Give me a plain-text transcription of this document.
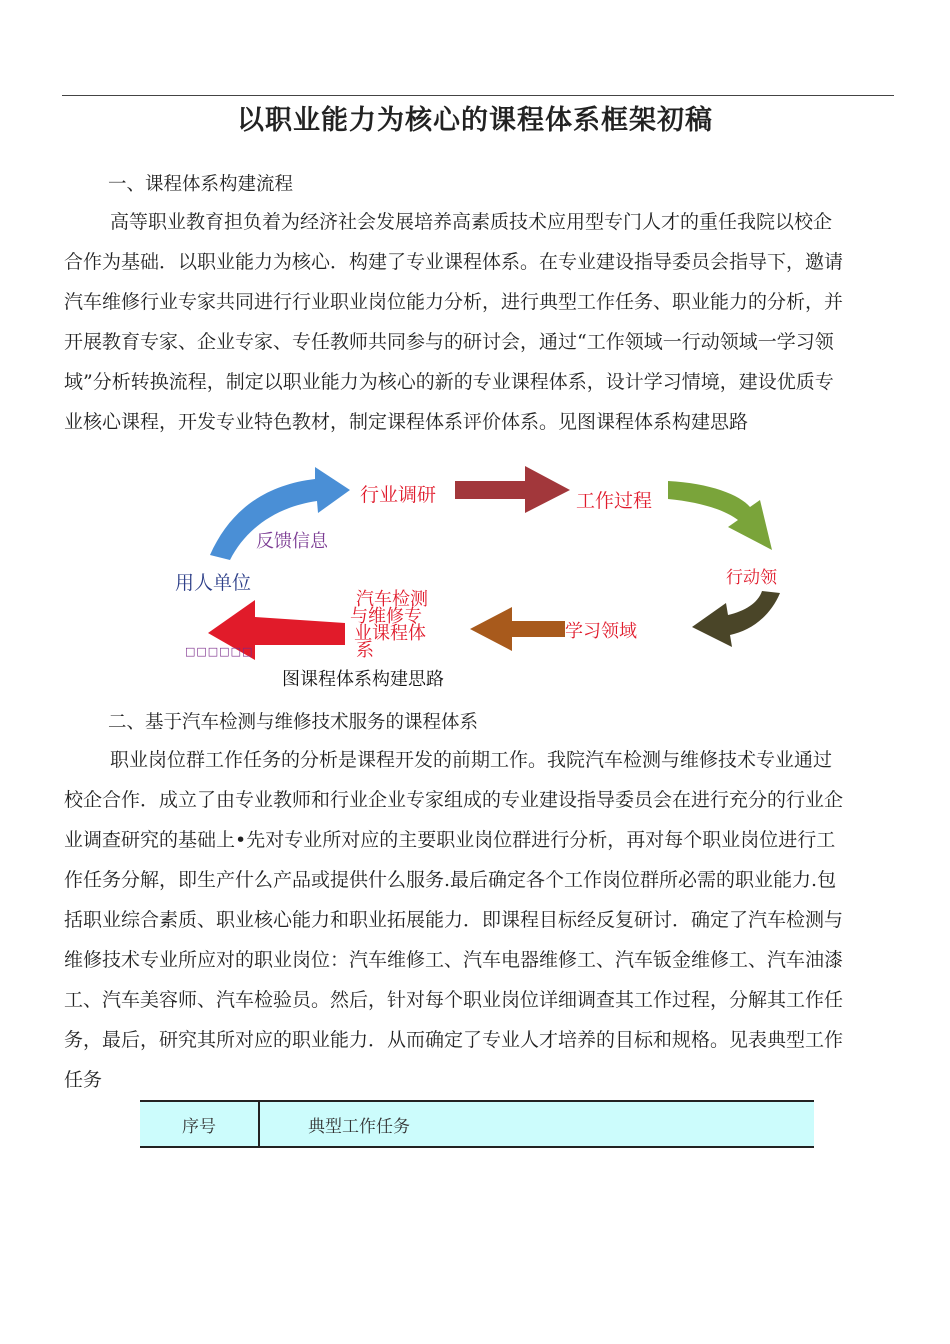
以职业能力为核心的课程体系框架初稿
一、课程体系构建流程
高等职业教育担负着为经济社会发展培养高素质技术应用型专门人才的重任我院以校企
合作为基础．以职业能力为核心．构建了专业课程体系。在专业建设指导委员会指导下，邀请
汽车维修行业专家共同进行行业职业岗位能力分析，进行典型工作任务、职业能力的分析，并
开展教育专家、企业专家、专任教师共同参与的研讨会，通过“工作领域一行动领域一学习领
域”分析转换流程，制定以职业能力为核心的新的专业课程体系，设计学习情境，建设优质专
业核心课程，开发专业特色教材，制定课程体系评价体系。见图课程体系构建思路
行业调研	工作过程
行动领
学习领域
汽车检测 与维修专 业课程体 系
用人单位
反馈信息
□□□□□□
图课程体系构建思路
二、基于汽车检测与维修技术服务的课程体系
职业岗位群工作任务的分析是课程开发的前期工作。我院汽车检测与维修技术专业通过
校企合作．成立了由专业教师和行业企业专家组成的专业建设指导委员会在进行充分的行业企
业调查研究的基础上•先对专业所对应的主要职业岗位群进行分析，再对每个职业岗位进行工
作任务分解，即生产什么产品或提供什么服务.最后确定各个工作岗位群所必需的职业能力.包
括职业综合素质、职业核心能力和职业拓展能力．即课程目标经反复研讨．确定了汽车检测与
维修技术专业所应对的职业岗位：汽车维修工、汽车电器维修工、汽车钣金维修工、汽车油漆
工、汽车美容师、汽车检验员。然后，针对每个职业岗位详细调查其工作过程，分解其工作任
务，最后，研究其所对应的职业能力．从而确定了专业人才培养的目标和规格。见表典型工作
任务
序号	典型工作任务
